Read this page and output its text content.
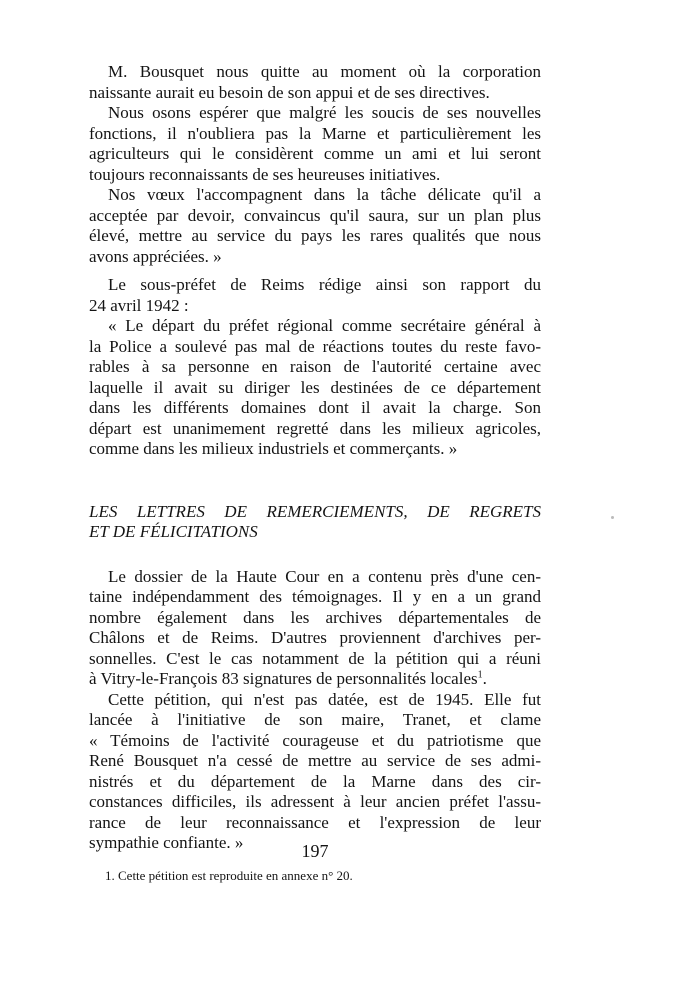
M. Bousquet nous quitte au moment où la corporation
naissante aurait eu besoin de son appui et de ses directives.
Nous osons espérer que malgré les soucis de ses nouvelles
fonctions, il n'oubliera pas la Marne et particulièrement les
agriculteurs qui le considèrent comme un ami et lui seront
toujours reconnaissants de ses heureuses initiatives.
Nos vœux l'accompagnent dans la tâche délicate qu'il a
acceptée par devoir, convaincus qu'il saura, sur un plan plus
élevé, mettre au service du pays les rares qualités que nous
avons appréciées. »
Le sous-préfet de Reims rédige ainsi son rapport du
24 avril 1942 :
« Le départ du préfet régional comme secrétaire général à
la Police a soulevé pas mal de réactions toutes du reste favo-
rables à sa personne en raison de l'autorité certaine avec
laquelle il avait su diriger les destinées de ce département
dans les différents domaines dont il avait la charge. Son
départ est unanimement regretté dans les milieux agricoles,
comme dans les milieux industriels et commerçants. »
LES LETTRES DE REMERCIEMENTS, DE REGRETS
ET DE FÉLICITATIONS
Le dossier de la Haute Cour en a contenu près d'une cen-
taine indépendamment des témoignages. Il y en a un grand
nombre également dans les archives départementales de
Châlons et de Reims. D'autres proviennent d'archives per-
sonnelles. C'est le cas notamment de la pétition qui a réuni
à Vitry-le-François 83 signatures de personnalités locales$^1$.
Cette pétition, qui n'est pas datée, est de 1945. Elle fut
lancée à l'initiative de son maire, Tranet, et clame
« Témoins de l'activité courageuse et du patriotisme que
René Bousquet n'a cessé de mettre au service de ses admi-
nistrés et du département de la Marne dans des cir-
constances difficiles, ils adressent à leur ancien préfet l'assu-
rance de leur reconnaissance et l'expression de leur
sympathie confiante. »
1. Cette pétition est reproduite en annexe n° 20.
197
